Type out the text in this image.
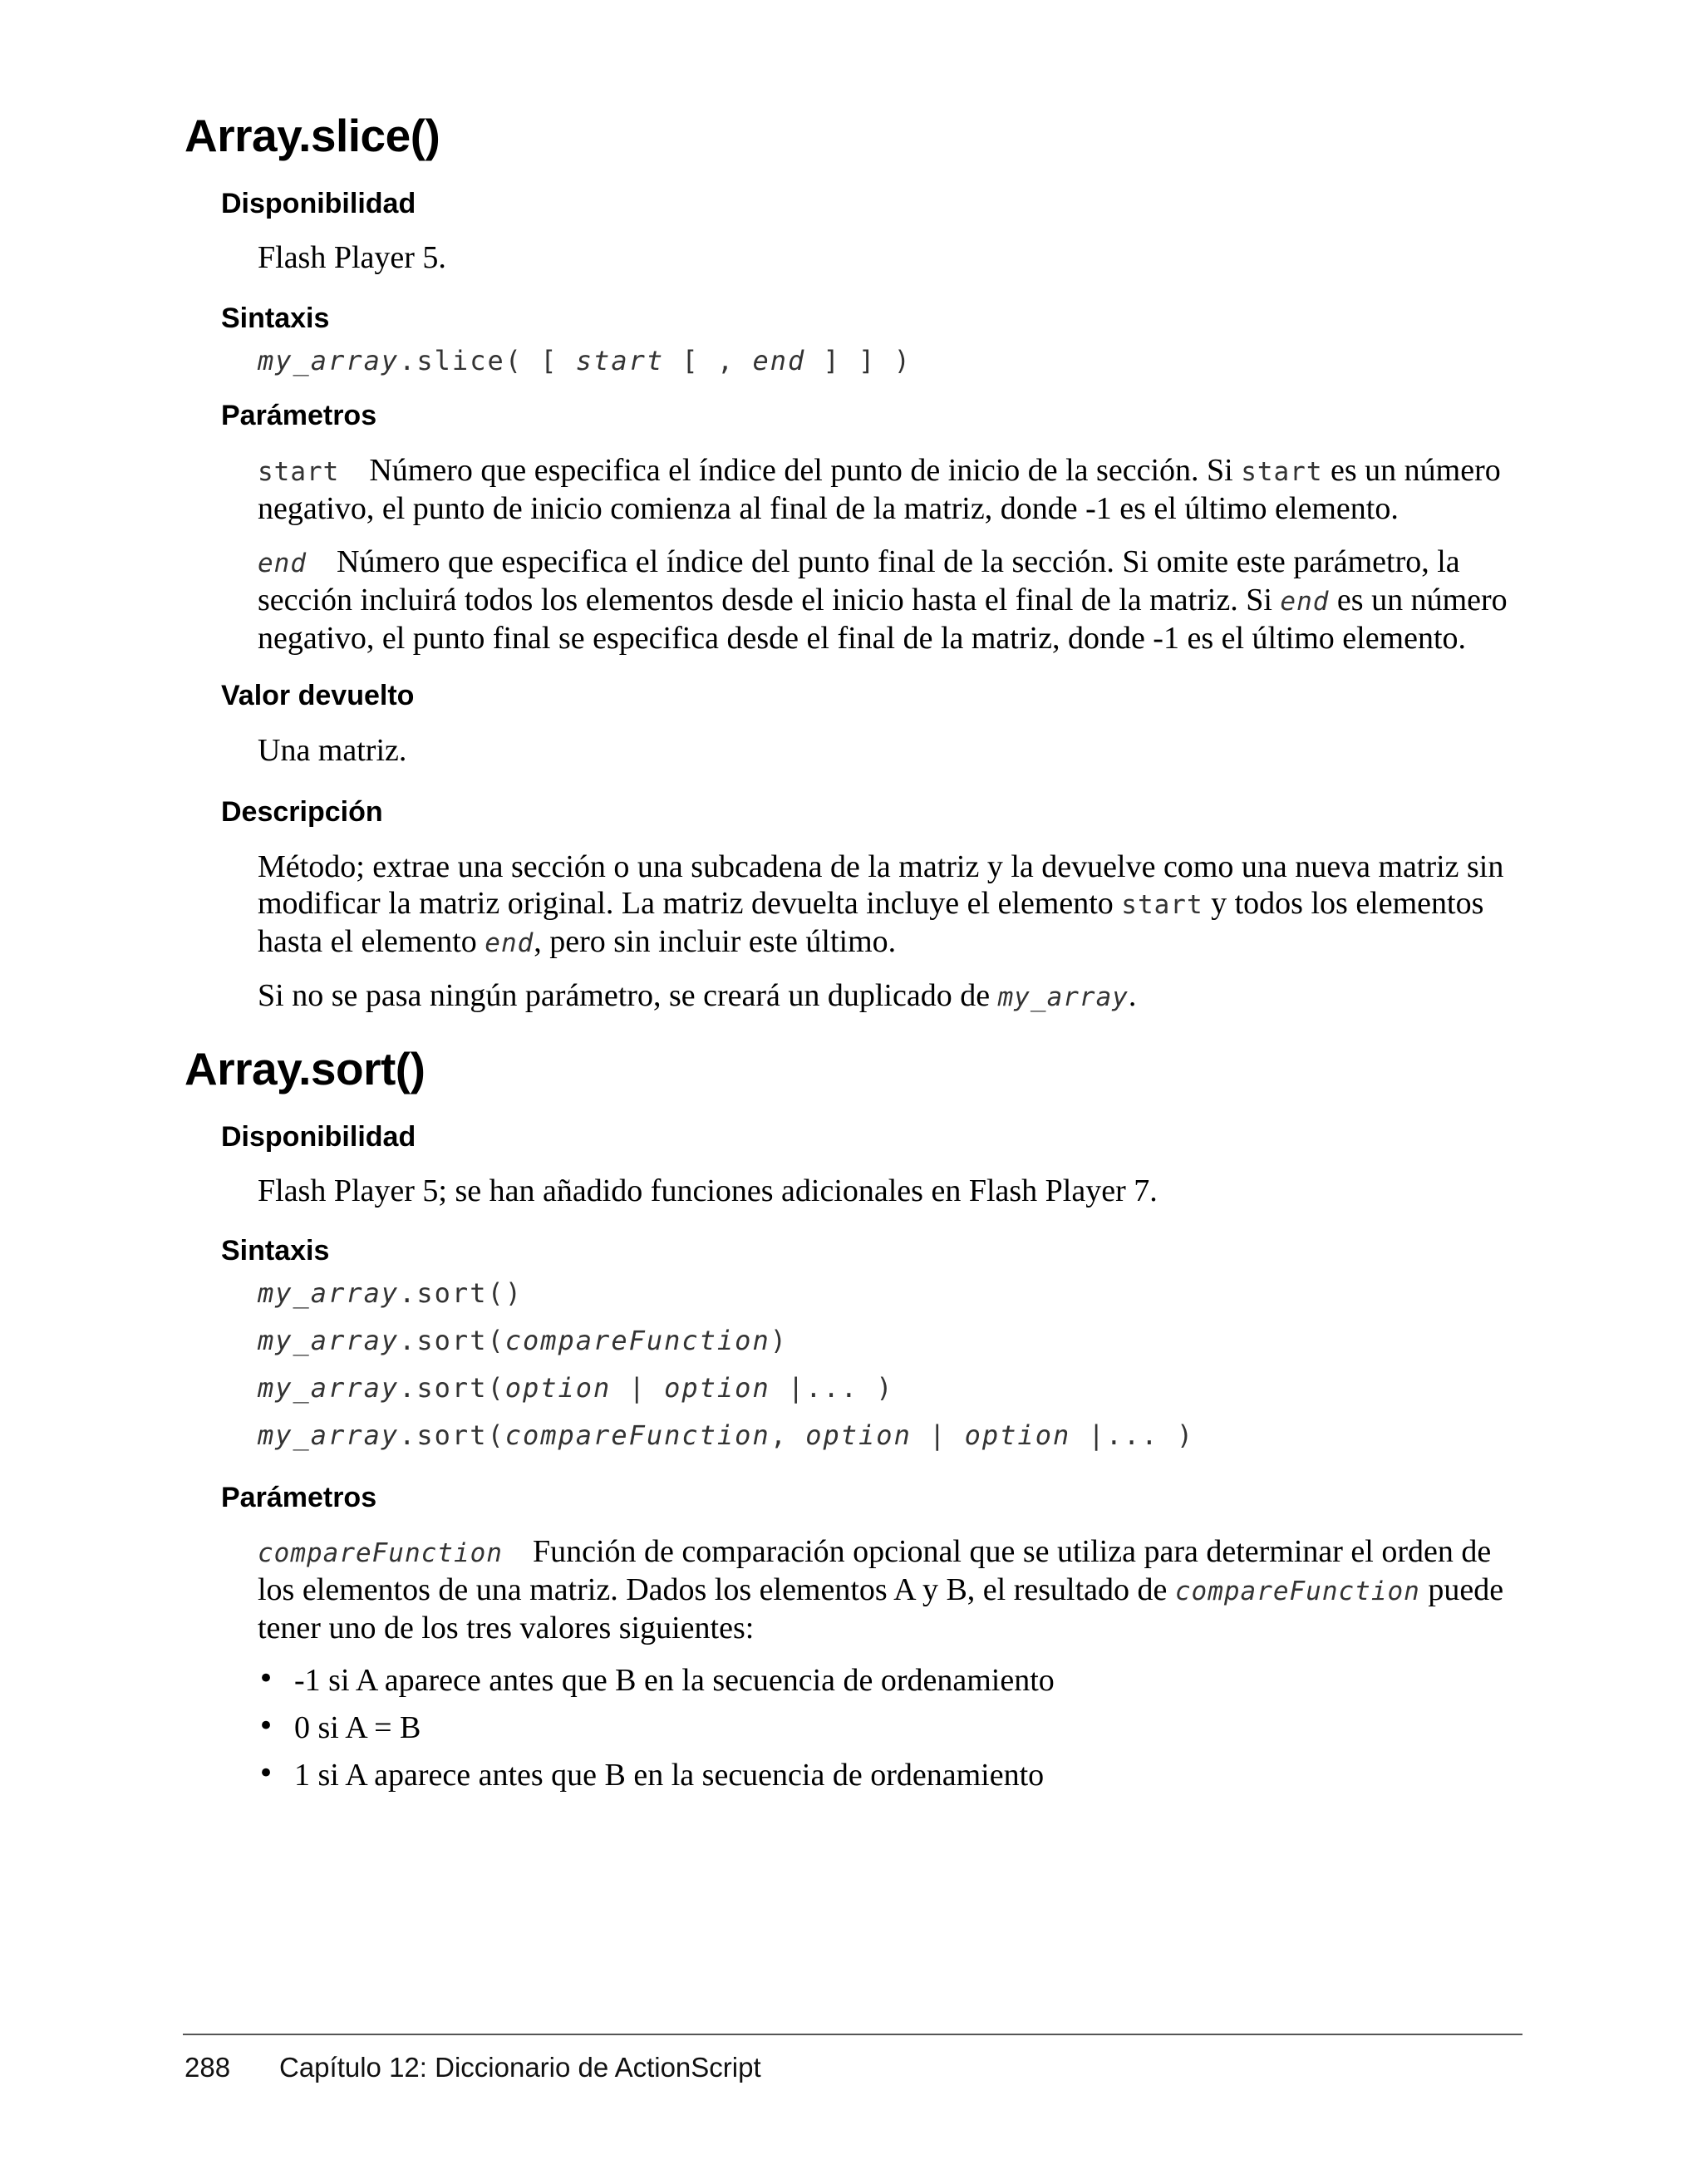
Array.slice()
Disponibilidad

Flash Player 5.

Sintaxis
my_array.slice( [ start [ , end ] ] )
Parámetros

start Número que especifica el índice del punto de inicio de la sección. Si start es un número negativo, el punto de inicio comienza al final de la matriz, donde -1 es el último elemento.

end Número que especifica el índice del punto final de la sección. Si omite este parámetro, la sección incluirá todos los elementos desde el inicio hasta el final de la matriz. Si end es un número negativo, el punto final se especifica desde el final de la matriz, donde -1 es el último elemento.

Valor devuelto

Una matriz.

Descripción

Método; extrae una sección o una subcadena de la matriz y la devuelve como una nueva matriz sin modificar la matriz original. La matriz devuelta incluye el elemento start y todos los elementos hasta el elemento end, pero sin incluir este último.

Si no se pasa ningún parámetro, se creará un duplicado de my_array.

Array.sort()
Disponibilidad

Flash Player 5; se han añadido funciones adicionales en Flash Player 7.

Sintaxis
my_array.sort()
my_array.sort(compareFunction)
my_array.sort(option | option |... )
my_array.sort(compareFunction, option | option |... )
Parámetros

compareFunction Función de comparación opcional que se utiliza para determinar el orden de los elementos de una matriz. Dados los elementos A y B, el resultado de compareFunction puede tener uno de los tres valores siguientes:

• -1 si A aparece antes que B en la secuencia de ordenamiento
• 0 si A = B
• 1 si A aparece antes que B en la secuencia de ordenamiento
288 Capítulo 12: Diccionario de ActionScript
